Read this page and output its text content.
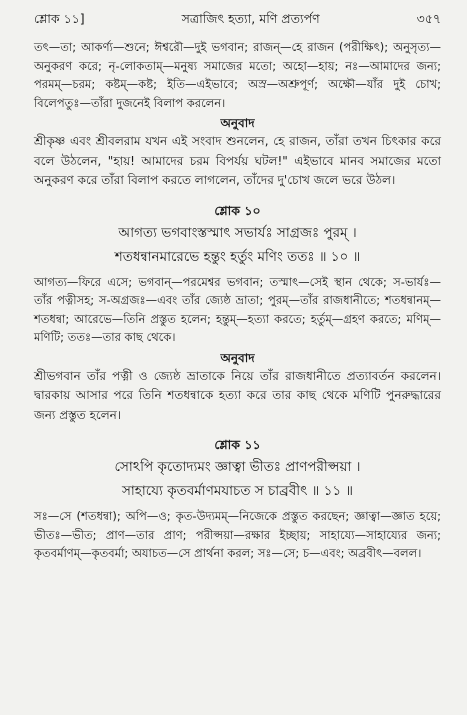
শ্লোক ১১]	সত্রাজিৎ হত্যা, মণি প্রত্যর্পণ	৩৫৭

তৎ—তা; আকর্ণ্য—শুনে; ঈশ্বরৌ—দুই ভগবান; রাজন্‌—হে রাজন (পরীক্ষিৎ); অনুসৃত্য—অনুকরণ করে; নৃ-লোকতাম্‌—মনুষ্য সমাজের মতো; অহো—হায়; নঃ—আমাদের জন্য; পরমম্‌—চরম; কষ্টম্‌—কষ্ট; ইতি—এইভাবে; অস্র—অশ্রুপূর্ণ; অক্ষৌ—যাঁর দুই চোখ; বিলেপতুঃ—তাঁরা দুজনেই বিলাপ করলেন।

অনুবাদ

শ্রীকৃষ্ণ এবং শ্রীবলরাম যখন এই সংবাদ শুনলেন, হে রাজন, তাঁরা তখন চিৎকার করে বলে উঠলেন, "হায়! আমাদের চরম বিপর্যয় ঘটল!" এইভাবে মানব সমাজের মতো অনুকরণ করে তাঁরা বিলাপ করতে লাগলেন, তাঁদের দু'চোখ জলে ভরে উঠল।

শ্লোক ১০

আগত্য ভগবাংস্তস্মাৎ সভার্যঃ সাগ্রজঃ পুরম্‌ ।

শতধন্বানমারেভে হন্তুং হর্তুং মণিং ততঃ ॥ ১০ ॥

আগত্য—ফিরে এসে; ভগবান্‌—পরমেশ্বর ভগবান; তস্মাৎ—সেই স্থান থেকে; স-ভার্যঃ—তাঁর পত্নীসহ; স-অগ্রজঃ—এবং তাঁর জ্যেষ্ঠ ভ্রাতা; পুরম্‌—তাঁর রাজধানীতে; শতধন্বানম্‌—শতধন্বা; আরেভে—তিনি প্রস্তুত হলেন; হন্তুম্‌—হত্যা করতে; হর্তুম্‌—গ্রহণ করতে; মণিম্‌—মণিটি; ততঃ—তার কাছ থেকে।

অনুবাদ

শ্রীভগবান তাঁর পত্নী ও জ্যেষ্ঠ ভ্রাতাকে নিয়ে তাঁর রাজধানীতে প্রত্যাবর্তন করলেন। দ্বারকায় আসার পরে তিনি শতধন্বাকে হত্যা করে তার কাছ থেকে মণিটি পুনরুদ্ধারের জন্য প্রস্তুত হলেন।

শ্লোক ১১

সোঽপি কৃতোদ্যমং জ্ঞাত্বা ভীতঃ প্রাণপরীপ্সয়া ।

সাহায্যে কৃতবর্মাণমযাচত স চাব্রবীৎ ॥ ১১ ॥

সঃ—সে (শতধন্বা); অপি—ও; কৃত-উদ্যমম্‌—নিজেকে প্রস্তুত করছেন; জ্ঞাত্বা—জ্ঞাত হয়ে; ভীতঃ—ভীত; প্রাণ—তার প্রাণ; পরীপ্সয়া—রক্ষার ইচ্ছায়; সাহায্যে—সাহায্যের জন্য; কৃতবর্মাণম্‌—কৃতবর্মা; অযাচত—সে প্রার্থনা করল; সঃ—সে; চ—এবং; অব্রবীৎ—বলল।
